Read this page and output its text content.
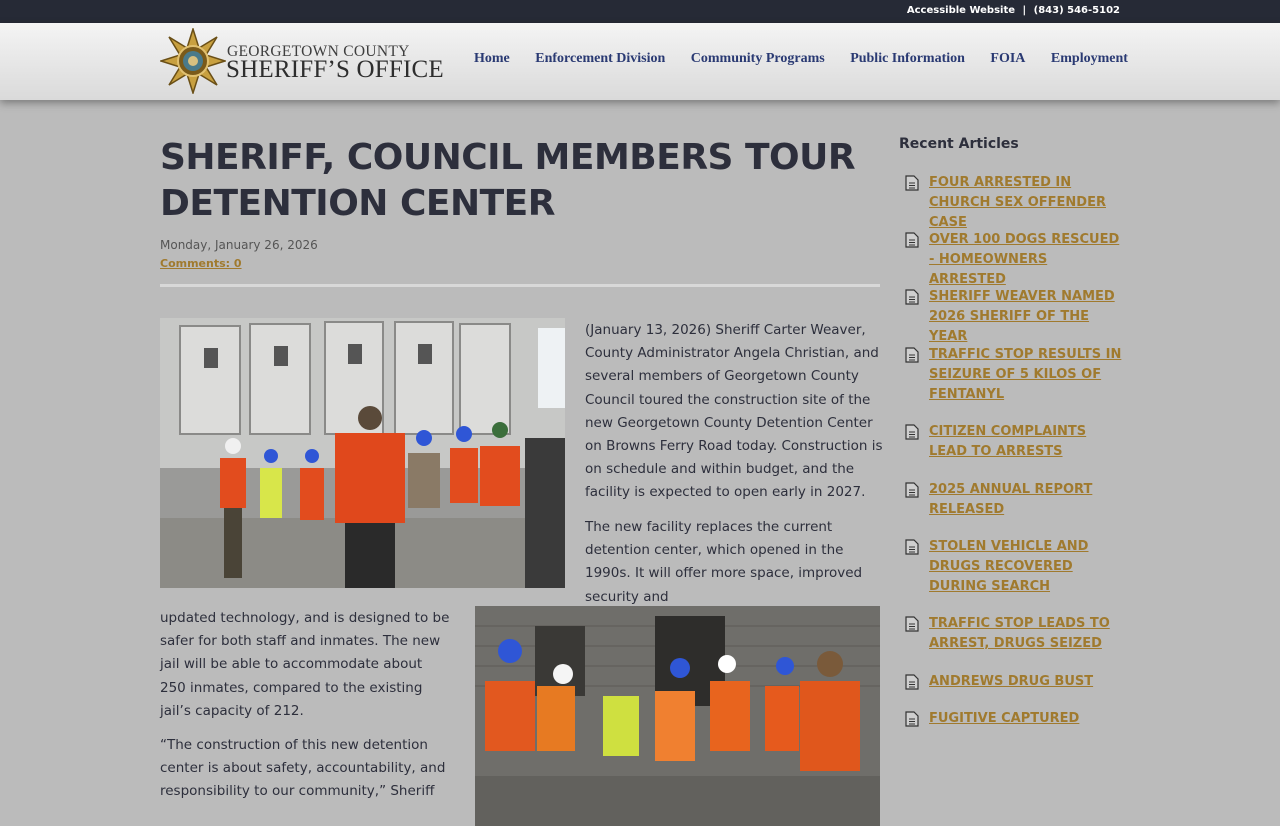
Accessible Website | (843) 546-5102
GEORGETOWN COUNTY
SHERIFF’S OFFICE Home Enforcement Division Community Programs Public Information FOIA Employment
SHERIFF, COUNCIL MEMBERS TOUR
DETENTION CENTER
Monday, January 26, 2026
Comments: 0

(January 13, 2026) Sheriff Carter Weaver, County Administrator Angela Christian, and several members of Georgetown County Council toured the construction site of the new Georgetown County Detention Center on Browns Ferry Road today. Construction is on schedule and within budget, and the facility is expected to open early in 2027.

The new facility replaces the current detention center, which opened in the 1990s. It will offer more space, improved security and

updated technology, and is designed to be safer for both staff and inmates. The new jail will be able to accommodate about 250 inmates, compared to the existing jail’s capacity of 212.

“The construction of this new detention center is about safety, accountability, and responsibility to our community,” Sheriff

Recent Articles
FOUR ARRESTED IN CHURCH SEX OFFENDER CASE
OVER 100 DOGS RESCUED - HOMEOWNERS ARRESTED
SHERIFF WEAVER NAMED 2026 SHERIFF OF THE YEAR
TRAFFIC STOP RESULTS IN SEIZURE OF 5 KILOS OF FENTANYL
CITIZEN COMPLAINTS LEAD TO ARRESTS
2025 ANNUAL REPORT RELEASED
STOLEN VEHICLE AND DRUGS RECOVERED DURING SEARCH
TRAFFIC STOP LEADS TO ARREST, DRUGS SEIZED
ANDREWS DRUG BUST
FUGITIVE CAPTURED
